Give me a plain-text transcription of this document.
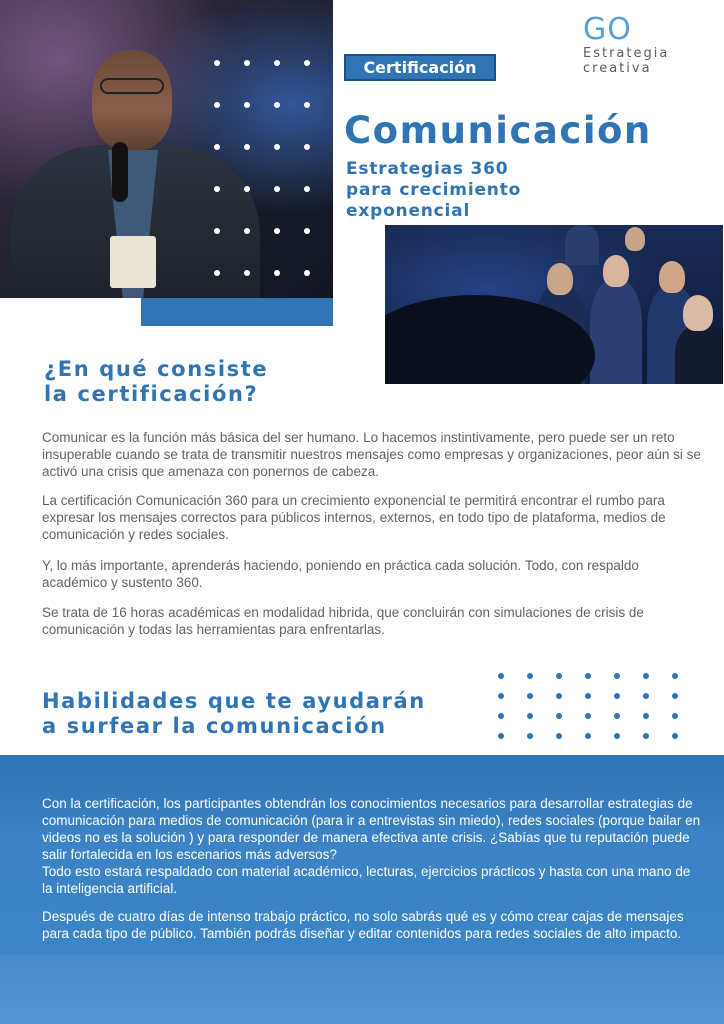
GO
Estrategia
creativa
Certificación
Comunicación
Estrategias 360
para crecimiento
exponencial
¿En qué consiste
la certificación?

Comunicar es la función más básica del ser humano. Lo hacemos instintivamente, pero puede ser un reto insuperable cuando se trata de transmitir nuestros mensajes como empresas y organizaciones, peor aún si se activó una crisis que amenaza con ponernos de cabeza.

La certificación Comunicación 360 para un crecimiento exponencial te permitirá encontrar el rumbo para expresar los mensajes correctos para públicos internos, externos, en todo tipo de plataforma, medios de comunicación y redes sociales.

Y, lo más importante, aprenderás haciendo, poniendo en práctica cada solución. Todo, con respaldo académico y sustento 360.

Se trata de 16 horas académicas en modalidad hibrida, que concluirán con simulaciones de crisis de comunicación y todas las herramientas para enfrentarlas.

Habilidades que te ayudarán
a surfear la comunicación
Con la certificación, los participantes obtendrán los conocimientos necesarios para desarrollar estrategias de comunicación para medios de comunicación (para ir a entrevistas sin miedo), redes sociales (porque bailar en videos no es la solución ) y para responder de manera efectiva ante crisis. ¿Sabías que tu reputación puede salir fortalecida en los escenarios más adversos?
Todo esto estará respaldado con material académico, lecturas, ejercicios prácticos y hasta con una mano de la inteligencia artificial.

Después de cuatro días de intenso trabajo práctico, no solo sabrás qué es y cómo crear cajas de mensajes para cada tipo de público. También podrás diseñar y editar contenidos para redes sociales de alto impacto.
